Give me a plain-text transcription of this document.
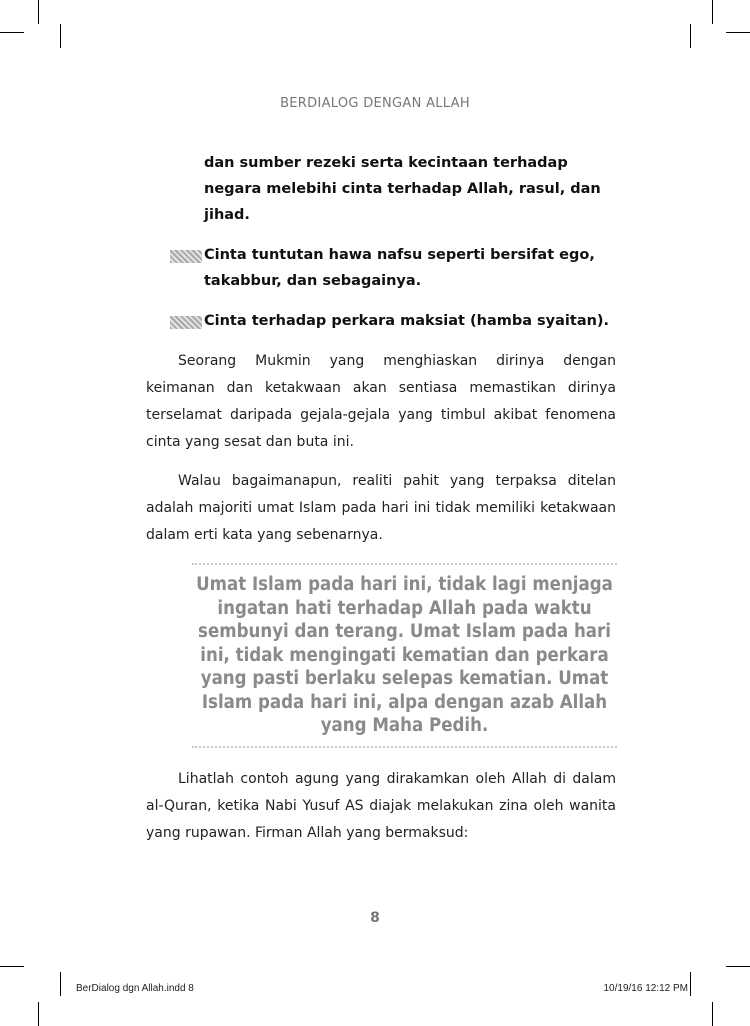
BERDIALOG DENGAN ALLAH
dan sumber rezeki serta kecintaan terhadap negara melebihi cinta terhadap Allah, rasul, dan jihad.
Cinta tuntutan hawa nafsu seperti bersifat ego, takabbur, dan sebagainya.
Cinta terhadap perkara maksiat (hamba syaitan).

Seorang Mukmin yang menghiaskan dirinya dengan keimanan dan ketakwaan akan sentiasa memastikan dirinya terselamat daripada gejala-gejala yang timbul akibat fenomena cinta yang sesat dan buta ini.

Walau bagaimanapun, realiti pahit yang terpaksa ditelan adalah majoriti umat Islam pada hari ini tidak memiliki ketakwaan dalam erti kata yang sebenarnya.

Umat Islam pada hari ini, tidak lagi menjaga ingatan hati terhadap Allah pada waktu sembunyi dan terang. Umat Islam pada hari ini, tidak mengingati kematian dan perkara yang pasti berlaku selepas kematian. Umat Islam pada hari ini, alpa dengan azab Allah yang Maha Pedih.

Lihatlah contoh agung yang dirakamkan oleh Allah di dalam al-Quran, ketika Nabi Yusuf AS diajak melakukan zina oleh wanita yang rupawan. Firman Allah yang bermaksud:

8
BerDialog dgn Allah.indd 8	10/19/16 12:12 PM
